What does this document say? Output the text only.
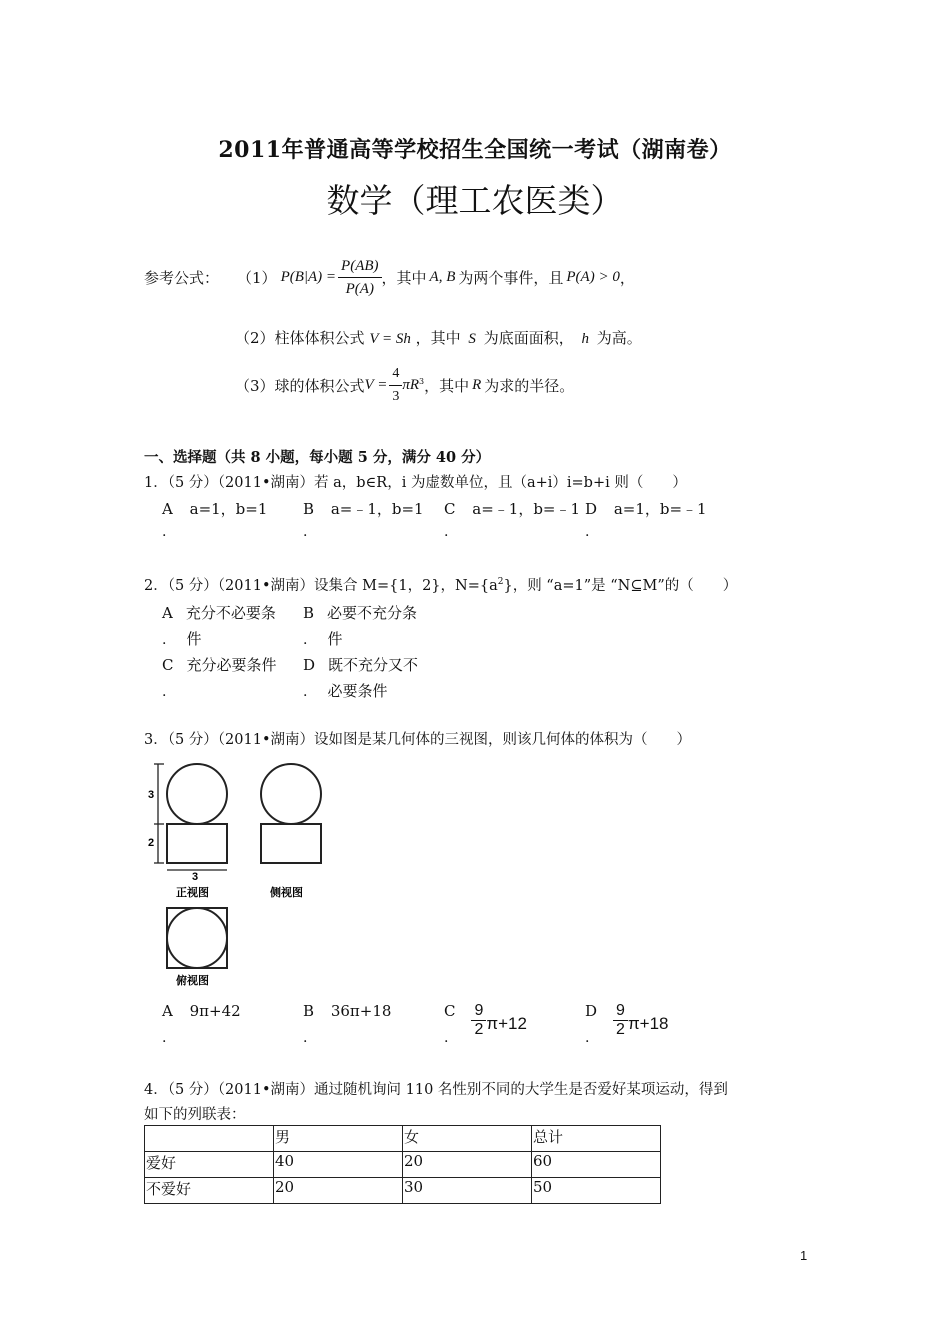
2011年普通高等学校招生全国统一考试（湖南卷）
数学（理工农医类）
参考公式： （1） $P(B|A) = \frac{P(AB)}{P(A)}$ ，其中 A, B 为两个事件，且 P(A) > 0 ，
（2）柱体体积公式 V = Sh ，其中 S 为底面面积， h 为高。
（3）球的体积公式 $V = \frac{4}{3} \pi R^3$ ，其中 R 为求的半径。
一、选择题（共 8 小题，每小题 5 分，满分 40 分）
1．（5 分）（2011•湖南）若 a，b∈R，i 为虚数单位，且（a+i）i=b+i 则（　　）
A a=1，b=1
.
B a=﹣1，b=1
.
C a=﹣1，b=﹣1
.
D a=1，b=﹣1
.
2．（5 分）（2011•湖南）设集合 M={1，2}，$N=\{a^2\}$，则 “a=1”是 “N⊆M”的（　　）
A 充分不必要条
. 件
B 必要不充分条
. 件
C 充分必要条件
.
D 既不充分又不
. 必要条件
3．（5 分）（2011•湖南）设如图是某几何体的三视图，则该几何体的体积为（　　）
3
2
3
正视图	侧视图
俯视图
A 9π+42
.
B 36π+18
.
C $\frac{9}{2} \pi+12$
.
D $\frac{9}{2} \pi+18$
.
4．（5 分）（2011•湖南）通过随机询问 110 名性别不同的大学生是否爱好某项运动，得到
如下的列联表：
	男	女	总计
爱好	40	20	60
不爱好	20	30	50
1
